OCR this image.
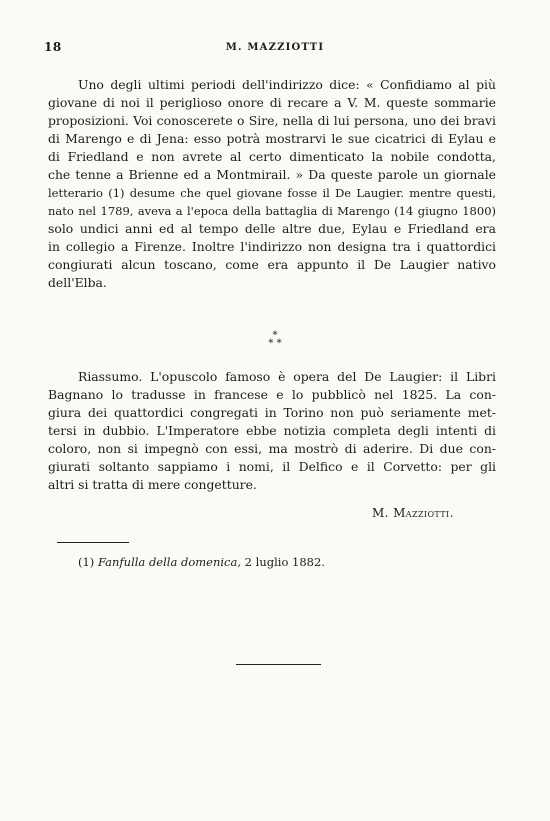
18	M. MAZZIOTTI
Uno degli ultimi periodi dell'indirizzo dice: « Confidiamo al più
giovane di noi il periglioso onore di recare a V. M. queste sommarie
proposizioni. Voi conoscerete o Sire, nella di lui persona, uno dei bravi
di Marengo e di Jena: esso potrà mostrarvi le sue cicatrici di Eylau e
di Friedland e non avrete al certo dimenticato la nobile condotta,
che tenne a Brienne ed a Montmirail. » Da queste parole un giornale
letterario (1) desume che quel giovane fosse il De Laugier. mentre questi,
nato nel 1789, aveva a l'epoca della battaglia di Marengo (14 giugno 1800)
solo undici anni ed al tempo delle altre due, Eylau e Friedland era
in collegio a Firenze. Inoltre l'indirizzo non designa tra i quattordici
congiurati alcun toscano, come era appunto il De Laugier nativo
dell'Elba.
*
* *
Riassumo. L'opuscolo famoso è opera del De Laugier: il Libri
Bagnano lo tradusse in francese e lo pubblicò nel 1825. La con-
giura dei quattordici congregati in Torino non può seriamente met-
tersi in dubbio. L'Imperatore ebbe notizia completa degli intenti di
coloro, non si impegnò con essi, ma mostrò di aderire. Di due con-
giurati soltanto sappiamo i nomi, il Delfico e il Corvetto: per gli
altri si tratta di mere congetture.
M. Mazziotti.
(1) Fanfulla della domenica, 2 luglio 1882.
